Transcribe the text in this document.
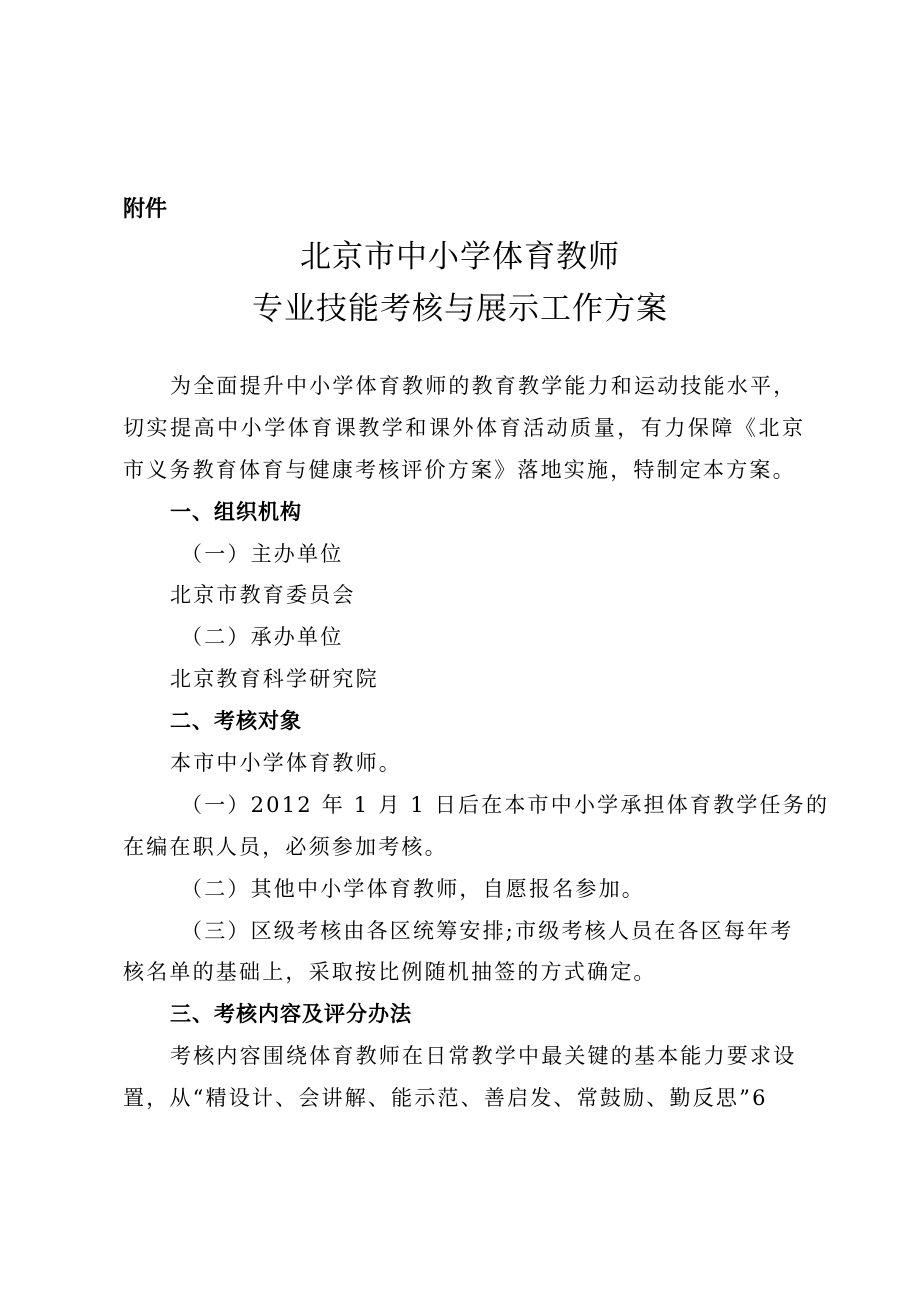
附件
北京市中小学体育教师
专业技能考核与展示工作方案
为全面提升中小学体育教师的教育教学能力和运动技能水平，
切实提高中小学体育课教学和课外体育活动质量，有力保障《北京
市义务教育体育与健康考核评价方案》落地实施，特制定本方案。
一、组织机构
（一）主办单位
北京市教育委员会
（二）承办单位
北京教育科学研究院
二、考核对象
本市中小学体育教师。
（一）2012 年 1 月 1 日后在本市中小学承担体育教学任务的
在编在职人员，必须参加考核。
（二）其他中小学体育教师，自愿报名参加。
（三）区级考核由各区统筹安排;市级考核人员在各区每年考
核名单的基础上，采取按比例随机抽签的方式确定。
三、考核内容及评分办法
考核内容围绕体育教师在日常教学中最关键的基本能力要求设
置，从“精设计、会讲解、能示范、善启发、常鼓励、勤反思”6
